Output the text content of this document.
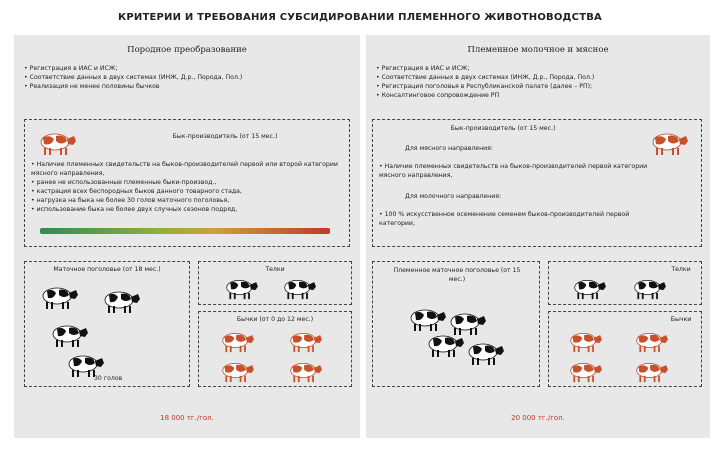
КРИТЕРИИ И ТРЕБОВАНИЯ СУБСИДИРОВАНИИ ПЛЕМЕННОГО ЖИВОТНОВОДСТВА
Породное преобразование
• Регистрация в ИАС и ИСЖ;
• Соответствие данных в двух системах (ИНЖ, Д.р., Порода, Пол.)
• Реализация не менее половины бычков
Бык-производитель (от 15 мес.)
• Наличие племенных свидетельств на быков-производителей первой или второй категории мясного направления,
• ранее не использованные племенные быки-производ.,
• кастрация всех беспородных быков данного товарного стада,
• нагрузка на быка не более 30 голов маточного поголовья,
• использование быка не более двух случных сезонов подряд,
Маточное поголовье (от 18 мес.)
30 голов
Телки
Бычки (от 0 до 12 мес.)
18 000 тг./гол.
Племенное молочное и мясное
• Регистрация в ИАС и ИСЖ;
• Соответствие данных в двух системах (ИНЖ, Д.р., Порода, Пол.)
• Регистрация поголовья в Республиканской палате (далее – РП);
• Консалтинговое сопровождение РП
Бык-производитель (от 15 мес.)
Для мясного направления:
• Наличие племенных свидетельств на быков-производителей первой категории мясного направления,
Для молочного направления:
• 100 % искусственное осеменение семенем быков-производителей первой категории,
Племенное маточное поголовье (от 15 мес.)
Телки
Бычки
20 000 тг./гол.
